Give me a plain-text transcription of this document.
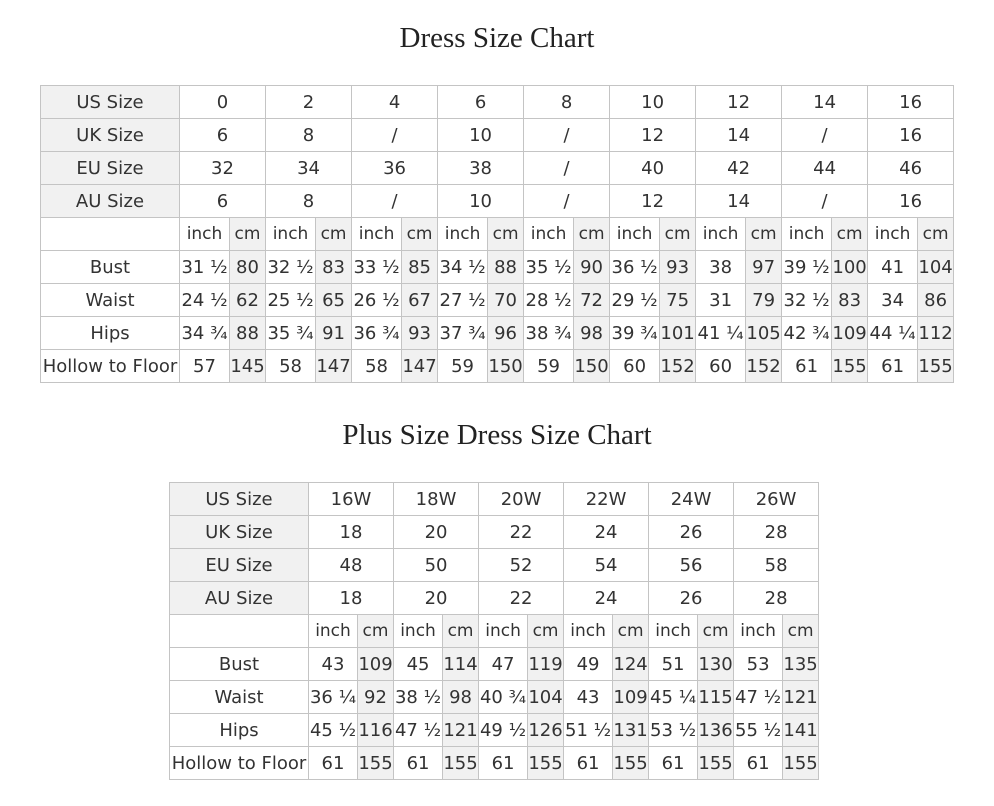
Dress Size Chart
US Size	0		2		4		6		8		10		12		14		16	
UK Size	6		8		/		10		/		12		14		/		16	
EU Size	32		34		36		38		/		40		42		44		46	
AU Size	6		8		/		10		/		12		14		/		16	
	inch	cm	inch	cm	inch	cm	inch	cm	inch	cm	inch	cm	inch	cm	inch	cm	inch	cm
Bust	31 ½	80	32 ½	83	33 ½	85	34 ½	88	35 ½	90	36 ½	93	38	97	39 ½	100	41	104
Waist	24 ½	62	25 ½	65	26 ½	67	27 ½	70	28 ½	72	29 ½	75	31	79	32 ½	83	34	86
Hips	34 ¾	88	35 ¾	91	36 ¾	93	37 ¾	96	38 ¾	98	39 ¾	101	41 ¼	105	42 ¾	109	44 ¼	112
Hollow to Floor	57	145	58	147	58	147	59	150	59	150	60	152	60	152	61	155	61	155
Plus Size Dress Size Chart
US Size	16W		18W		20W		22W		24W		26W	
UK Size	18		20		22		24		26		28	
EU Size	48		50		52		54		56		58	
AU Size	18		20		22		24		26		28	
	inch	cm	inch	cm	inch	cm	inch	cm	inch	cm	inch	cm
Bust	43	109	45	114	47	119	49	124	51	130	53	135
Waist	36 ¼	92	38 ½	98	40 ¾	104	43	109	45 ¼	115	47 ½	121
Hips	45 ½	116	47 ½	121	49 ½	126	51 ½	131	53 ½	136	55 ½	141
Hollow to Floor	61	155	61	155	61	155	61	155	61	155	61	155
